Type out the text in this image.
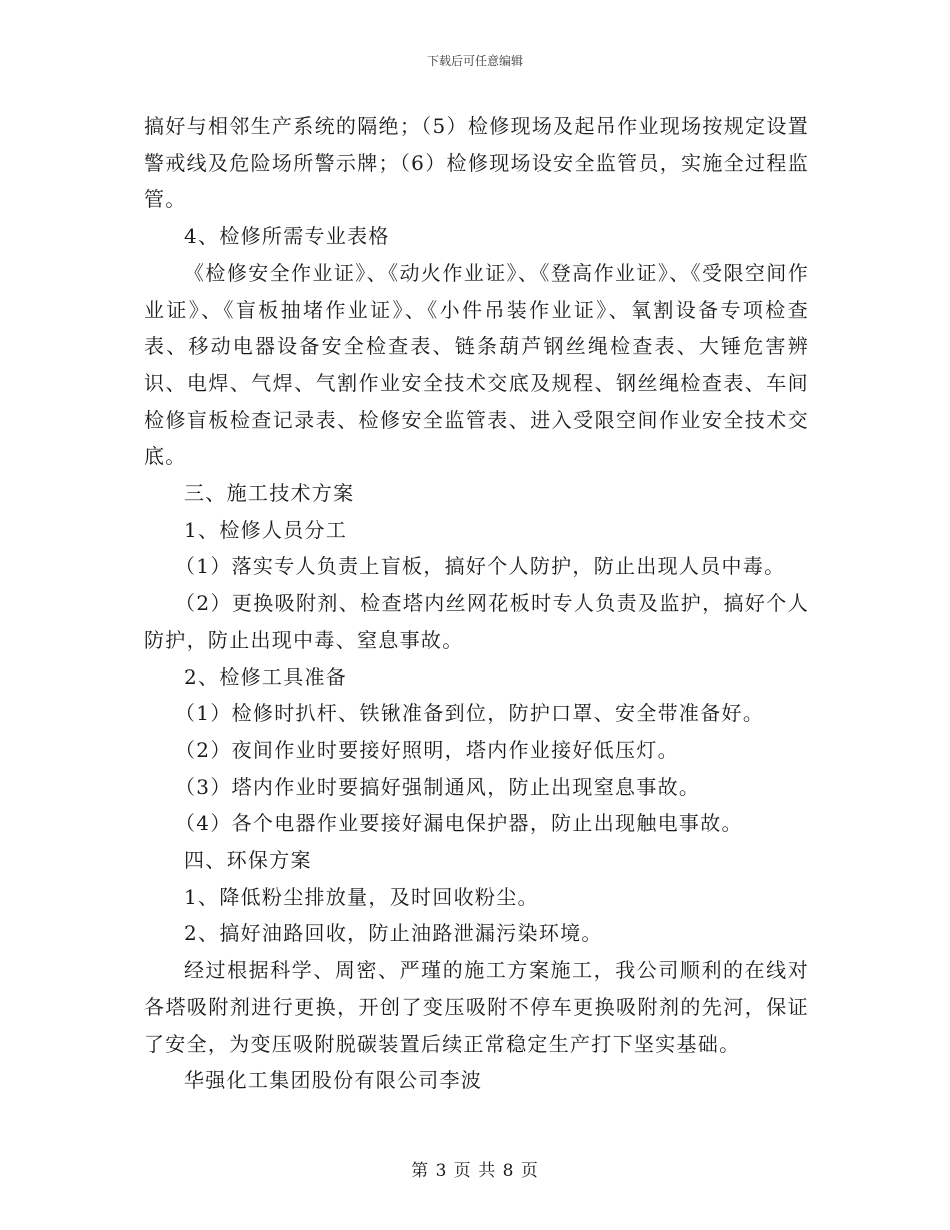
下载后可任意编辑

搞好与相邻生产系统的隔绝；（5）检修现场及起吊作业现场按规定设置警戒线及危险场所警示牌；（6）检修现场设安全监管员，实施全过程监管。

4、检修所需专业表格

《检修安全作业证》、《动火作业证》、《登高作业证》、《受限空间作业证》、《盲板抽堵作业证》、《小件吊装作业证》、氧割设备专项检查表、移动电器设备安全检查表、链条葫芦钢丝绳检查表、大锤危害辨识、电焊、气焊、气割作业安全技术交底及规程、钢丝绳检查表、车间检修盲板检查记录表、检修安全监管表、进入受限空间作业安全技术交底。

三、施工技术方案

1、检修人员分工

（1）落实专人负责上盲板，搞好个人防护，防止出现人员中毒。

（2）更换吸附剂、检查塔内丝网花板时专人负责及监护，搞好个人防护，防止出现中毒、窒息事故。

2、检修工具准备

（1）检修时扒杆、铁锹准备到位，防护口罩、安全带准备好。

（2）夜间作业时要接好照明，塔内作业接好低压灯。

（3）塔内作业时要搞好强制通风，防止出现窒息事故。

（4）各个电器作业要接好漏电保护器，防止出现触电事故。

四、环保方案

1、降低粉尘排放量，及时回收粉尘。

2、搞好油路回收，防止油路泄漏污染环境。

经过根据科学、周密、严瑾的施工方案施工，我公司顺利的在线对各塔吸附剂进行更换，开创了变压吸附不停车更换吸附剂的先河，保证了安全，为变压吸附脱碳装置后续正常稳定生产打下坚实基础。

华强化工集团股份有限公司李波

第 3 页 共 8 页
